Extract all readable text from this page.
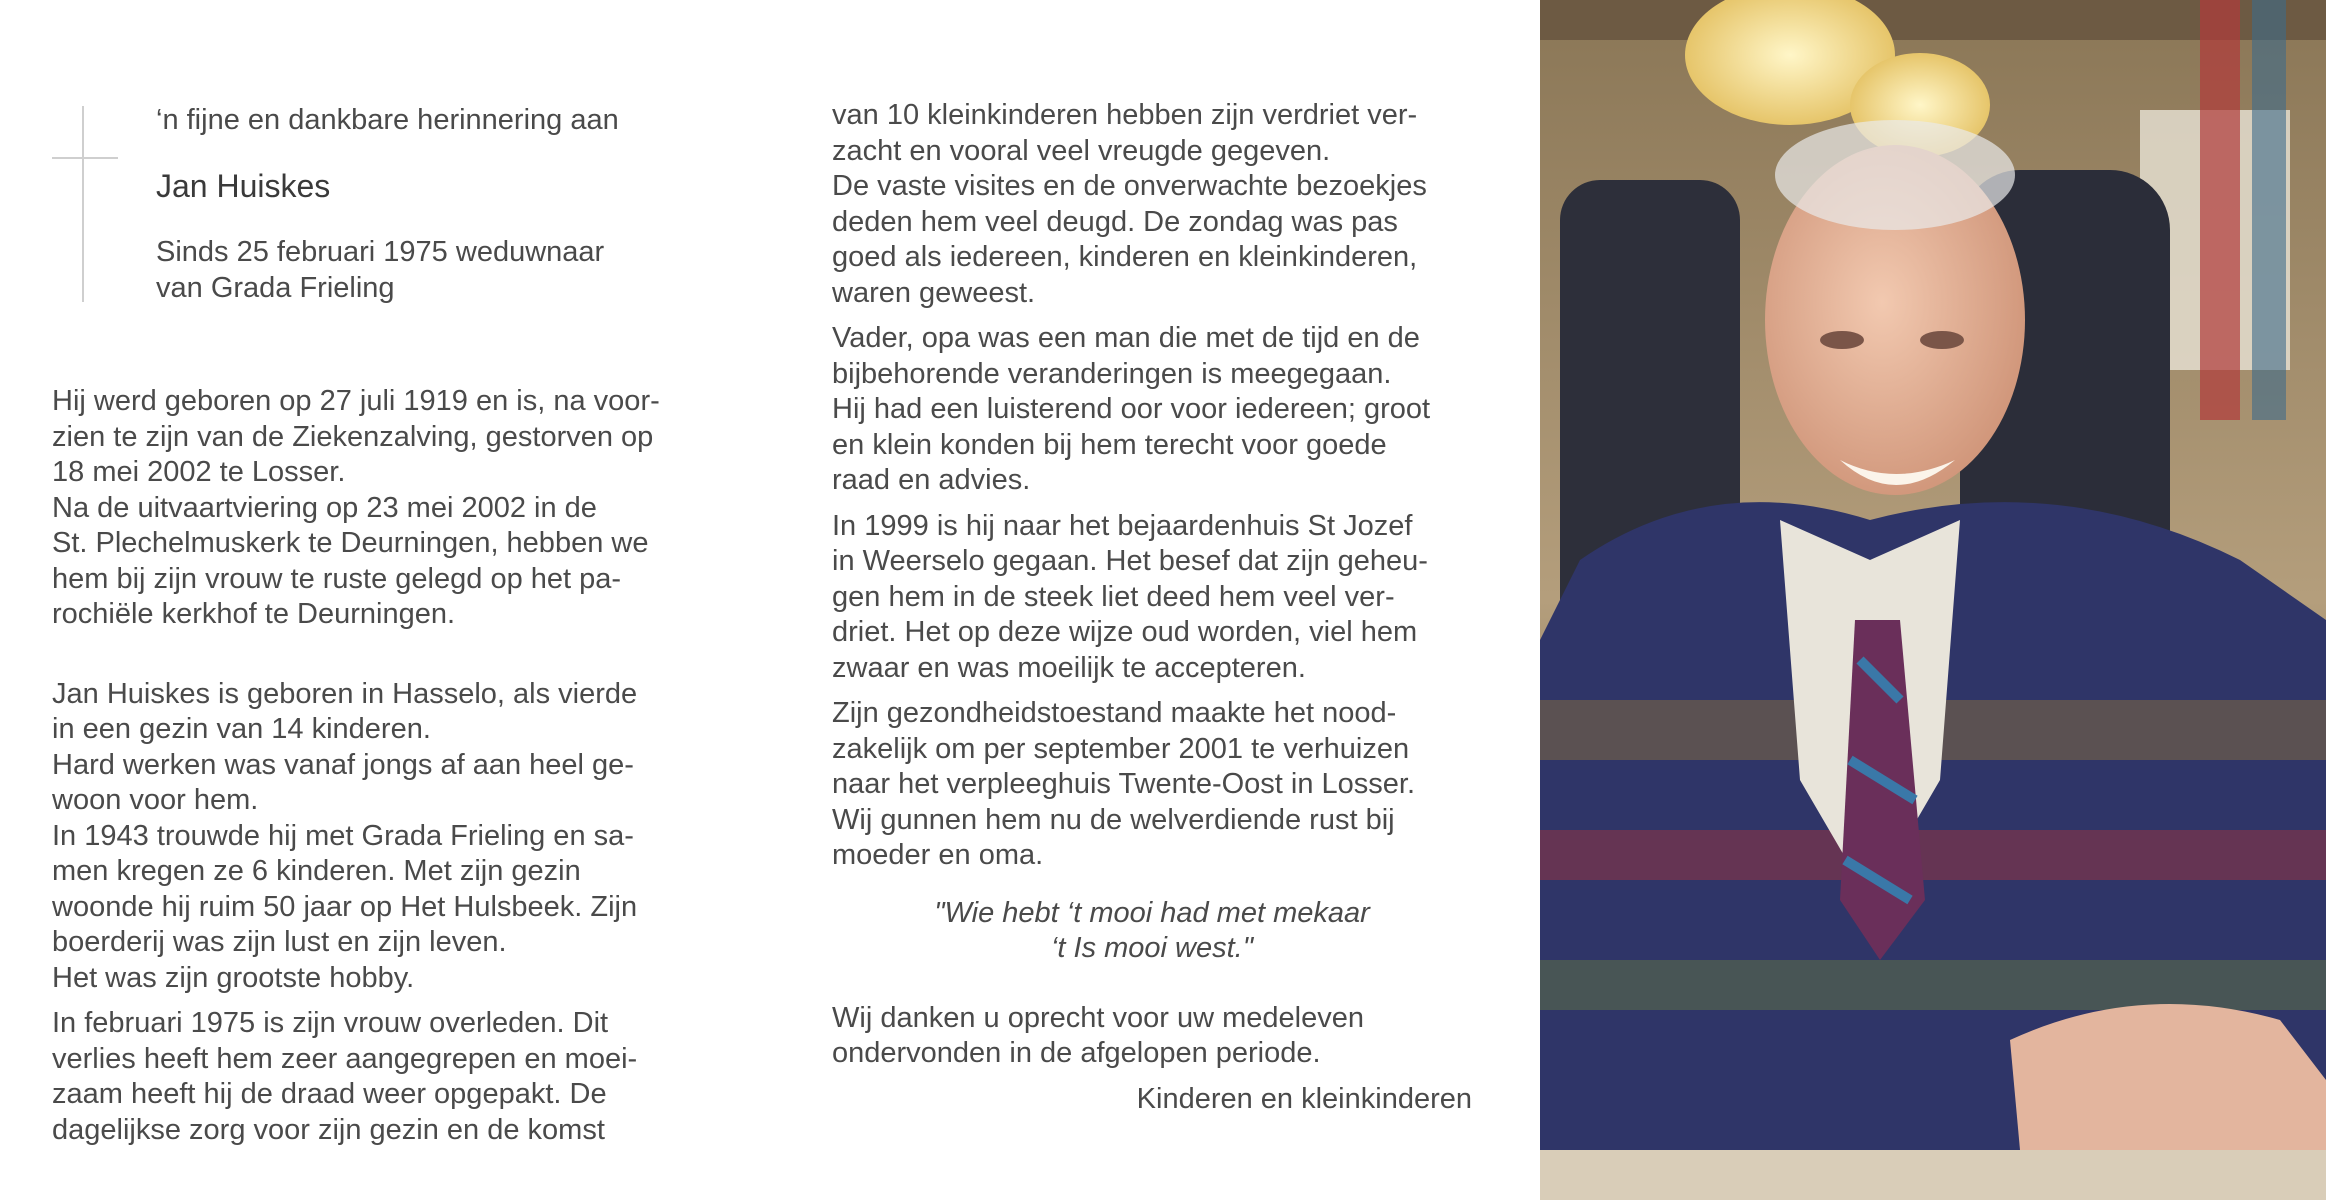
‘n fijne en dankbare herinnering aan

Jan Huiskes

Sinds 25 februari 1975 weduwnaar
van Grada Frieling

Hij werd geboren op 27 juli 1919 en is, na voor-
zien te zijn van de Ziekenzalving, gestorven op
18 mei 2002 te Losser.
Na de uitvaartviering op 23 mei 2002 in de
St. Plechelmuskerk te Deurningen, hebben we
hem bij zijn vrouw te ruste gelegd op het pa-
rochiële kerkhof te Deurningen.

Jan Huiskes is geboren in Hasselo, als vierde
in een gezin van 14 kinderen.
Hard werken was vanaf jongs af aan heel ge-
woon voor hem.
In 1943 trouwde hij met Grada Frieling en sa-
men kregen ze 6 kinderen. Met zijn gezin
woonde hij ruim 50 jaar op Het Hulsbeek. Zijn
boerderij was zijn lust en zijn leven.
Het was zijn grootste hobby.

In februari 1975 is zijn vrouw overleden. Dit
verlies heeft hem zeer aangegrepen en moei-
zaam heeft hij de draad weer opgepakt. De
dagelijkse zorg voor zijn gezin en de komst

van 10 kleinkinderen hebben zijn verdriet ver-
zacht en vooral veel vreugde gegeven.
De vaste visites en de onverwachte bezoekjes
deden hem veel deugd. De zondag was pas
goed als iedereen, kinderen en kleinkinderen,
waren geweest.

Vader, opa was een man die met de tijd en de
bijbehorende veranderingen is meegegaan.
Hij had een luisterend oor voor iedereen; groot
en klein konden bij hem terecht voor goede
raad en advies.

In 1999 is hij naar het bejaardenhuis St Jozef
in Weerselo gegaan. Het besef dat zijn geheu-
gen hem in de steek liet deed hem veel ver-
driet. Het op deze wijze oud worden, viel hem
zwaar en was moeilijk te accepteren.

Zijn gezondheidstoestand maakte het nood-
zakelijk om per september 2001 te verhuizen
naar het verpleeghuis Twente-Oost in Losser.
Wij gunnen hem nu de welverdiende rust bij
moeder en oma.

"Wie hebt ‘t mooi had met mekaar
‘t Is mooi west."

Wij danken u oprecht voor uw medeleven
ondervonden in de afgelopen periode.

Kinderen en kleinkinderen
